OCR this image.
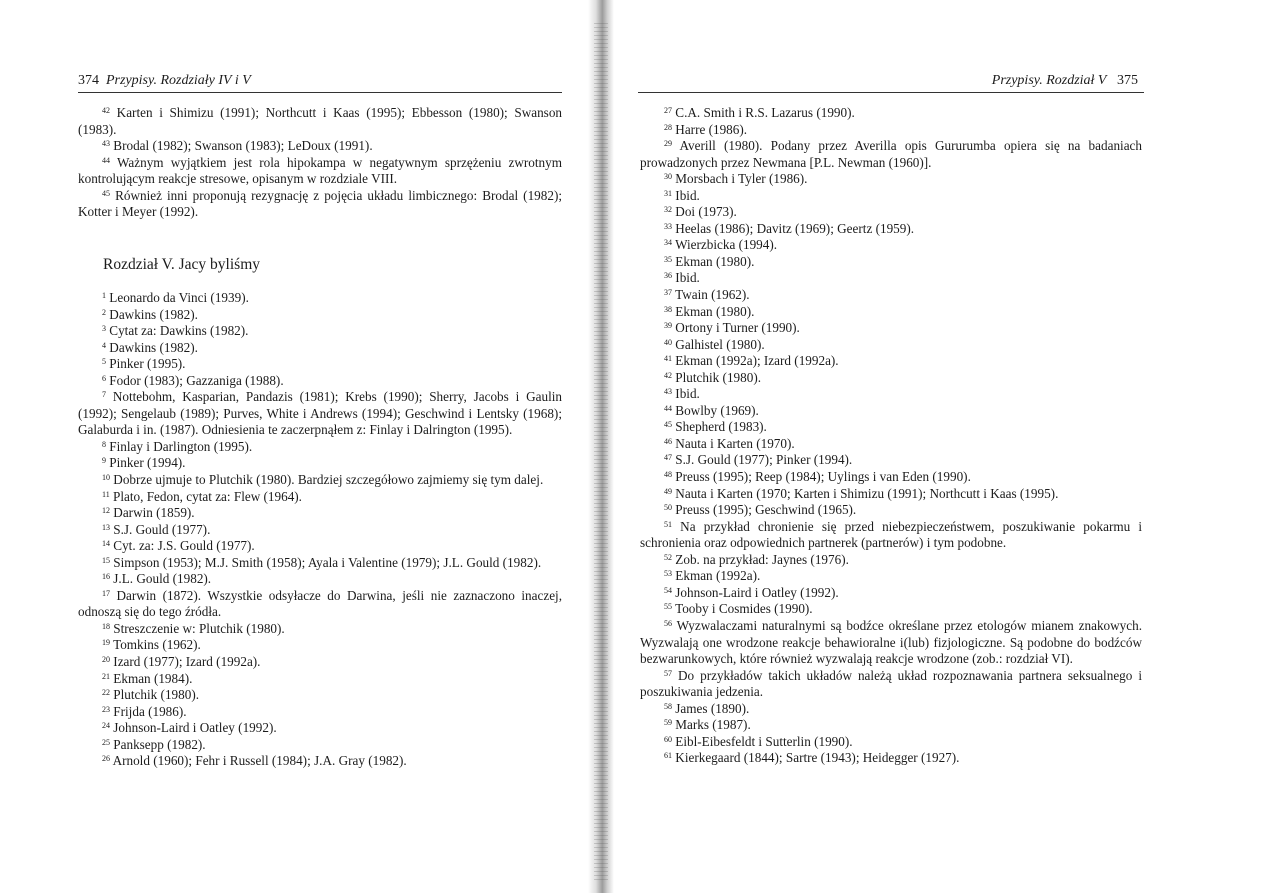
374 Przypisy. Rozdziały IV i V

$^{42}$ Karten i Shimizu (1991); Northcutt i Kaas (1995); Ebbesson (1980); Swanson (1983).

$^{43}$ Brodal (1982); Swanson (1983); LeDoux (1991).

$^{44}$ Ważnym wyjątkiem jest rola hipokampa w negatywnym sprzężeniu zwrotnym kontrolującym reakcje stresowe, opisanym w rozdziale VIII.

$^{45}$ Również inni proponują rezygnację z pojęcia układu limbicznego: Brodal (1982); Kotter i Meyer (1992).

Rozdział V. Jacy byliśmy

$^1$ Leonardo da Vinci (1939).

$^2$ Dawkins (1982).

$^3$ Cytat za: Dawkins (1982).

$^4$ Dawkins (1982).

$^5$ Pinker (1995).

$^6$ Fodor (1983); Gazzaniga (1988).

$^7$ Nottebohm, Kasparian, Pandazis (1981); Krebs (1990); Sherry, Jacobs i Gaulin (1992); Sengelaub (1989); Purves, White i Andrews (1994); Geschwind i Lentsky (1968); Galaburda i in. (1987). Odniesienia te zaczerpnąłem z: Finlay i Dalrington (1995).

$^8$ Finlay i Darlington (1995).

$^9$ Pinker (1994).

$^{10}$ Dobrze ujmuje to Plutchik (1980). Bardziej szczegółowo zajmiemy się tym dalej.

$^{11}$ Plato, Fedon, cytat za: Flew (1964).

$^{12}$ Darwin (1859).

$^{13}$ S.J. Gould (1977).

$^{14}$ Cyt. za: J.S. Gould (1977).

$^{15}$ Simpson (1953); M.J. Smith (1958); Ayala i Valentine (1979); J.L. Gould (1982).

$^{16}$ J.L. Gould (1982).

$^{17}$ Darwin (1872). Wszystkie odsyłacze do Darwina, jeśli nie zaznaczono inaczej, odnoszą się do tego źródła.

$^{18}$ Streszczenie w: Plutchik (1980).

$^{19}$ Tomkins (1962).

$^{20}$ Izard (1977); Izard (1992a).

$^{21}$ Ekman (1984).

$^{22}$ Plutchik (1980).

$^{23}$ Frijda (1986).

$^{24}$ Johnson-Laird i Oatley (1992).

$^{25}$ Panksepp (1982).

$^{26}$ Arnold (1960); Fehr i Russell (1984); J.A. Gray (1982).

Przypisy. Rozdział V 375

$^{27}$ C.A. Smith i R.S. Lazarus (1990).

$^{28}$ Harre (1986).

$^{29}$ Averill (1980). Podany przez Averilla opis Gururumba opiera się na badaniach prowadzonych przez Newmana [P.L. Newman (1960)].

$^{30}$ Morsbach i Tyler (1986).

$^{31}$ Ibid.

$^{32}$ Doi (1973).

$^{33}$ Heelas (1986); Davitz (1969); Geertz (1959).

$^{34}$ Wierzbicka (1994).

$^{35}$ Ekman (1980).

$^{36}$ Ibid.

$^{37}$ Twain (1962).

$^{38}$ Ekman (1980).

$^{39}$ Ortony i Turner (1990).

$^{40}$ Galhistel (1980).

$^{41}$ Ekman (1992a); Izard (1992a).

$^{42}$ Plutchik (1980).

$^{43}$ Ibid.

$^{44}$ Bowlby (1969).

$^{45}$ Shepherd (1983).

$^{46}$ Nauta i Karten (1970).

$^{47}$ S.J. Gould (1977); Pinker (1994).

$^{48}$ Preuss (1995); Reep (1984); Uylings i van Eden (1990).

$^{49}$ Nauta i Karten (1970; Karten i Shimizu (1991); Northcutt i Kaas (1995).

$^{50}$ Preuss (1995); Geschwind (1965).

$^{51}$ Na przykład chronienie się przed niebezpieczeństwem, poszukiwanie pokarmu i schronienia oraz odpowiednich partnerek (partnerów) i tym podobne.

$^{52}$ Zob. na przykład: Jaynes (1976).

$^{53}$ Ekman (1992a).

$^{54}$ Johnson-Laird i Oatley (1992).

$^{55}$ Tooby i Cosmides (1990).

$^{56}$ Wyzwalaczami naturalnymi są bodźce określane przez etologów mianem znakowych. Wyzwalają one wrodzone reakcje behawioralne i(lub) fizjologiczne. Są podobne do bodźców bezwarunkowych, które również wyzwalają reakcje wrodzone (zob.: rozdział VI).

$^{57}$ Do przykładów takich układów należą układ rozpoznawania partnera seksualnego i poszukiwania jedzenia.

$^{58}$ James (1890).

$^{59}$ Marks (1987).

$^{60}$ Eibl-Eibesfeldt i Sutterlin (1990).

$^{61}$ Kierkegaard (1844); Sartre (1943); Heidegger (1927).
